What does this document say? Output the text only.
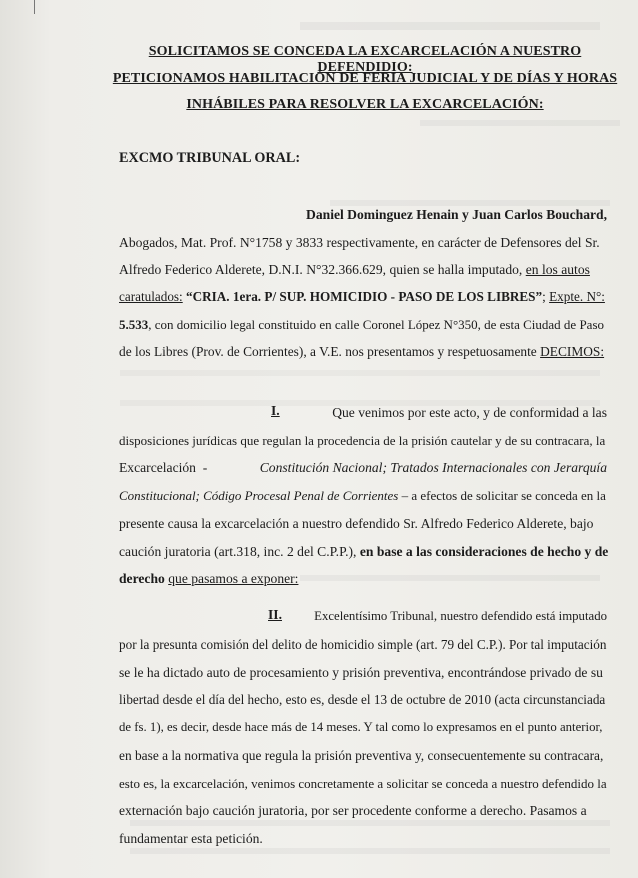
SOLICITAMOS SE CONCEDA LA EXCARCELACIÓN A NUESTRO DEFENDIDIO:
PETICIONAMOS HABILITACIÓN DE FERIA JUDICIAL Y DE DÍAS Y HORAS
INHÁBILES PARA RESOLVER LA EXCARCELACIÓN:
EXCMO TRIBUNAL ORAL:
Daniel Dominguez Henain y Juan Carlos Bouchard,
Abogados, Mat. Prof. N°1758 y 3833 respectivamente, en carácter de Defensores del Sr.
Alfredo Federico Alderete, D.N.I. N°32.366.629, quien se halla imputado, en los autos
caratulados: “CRIA. 1era. P/ SUP. HOMICIDIO - PASO DE LOS LIBRES”; Expte. N°:
5.533, con domicilio legal constituido en calle Coronel López N°350, de esta Ciudad de Paso
de los Libres (Prov. de Corrientes), a V.E. nos presentamos y respetuosamente DECIMOS:
I.	Que venimos por este acto, y de conformidad a las
disposiciones jurídicas que regulan la procedencia de la prisión cautelar y de su contracara, la
Excarcelación  -	Constitución Nacional; Tratados Internacionales con Jerarquía
Constitucional; Código Procesal Penal de Corrientes – a efectos de solicitar se conceda en la
presente causa la excarcelación a nuestro defendido Sr. Alfredo Federico Alderete, bajo
caución juratoria (art.318, inc. 2 del C.P.P.), en base a las consideraciones de hecho y de
derecho que pasamos a exponer:
II.	Excelentísimo Tribunal, nuestro defendido está imputado
por la presunta comisión del delito de homicidio simple (art. 79 del C.P.). Por tal imputación
se le ha dictado auto de procesamiento y prisión preventiva, encontrándose privado de su
libertad desde el día del hecho, esto es, desde el 13 de octubre de 2010 (acta circunstanciada
de fs. 1), es decir, desde hace más de 14 meses. Y tal como lo expresamos en el punto anterior,
en base a la normativa que regula la prisión preventiva y, consecuentemente su contracara,
esto es, la excarcelación, venimos concretamente a solicitar se conceda a nuestro defendido la
externación bajo caución juratoria, por ser procedente conforme a derecho. Pasamos a
fundamentar esta petición.
